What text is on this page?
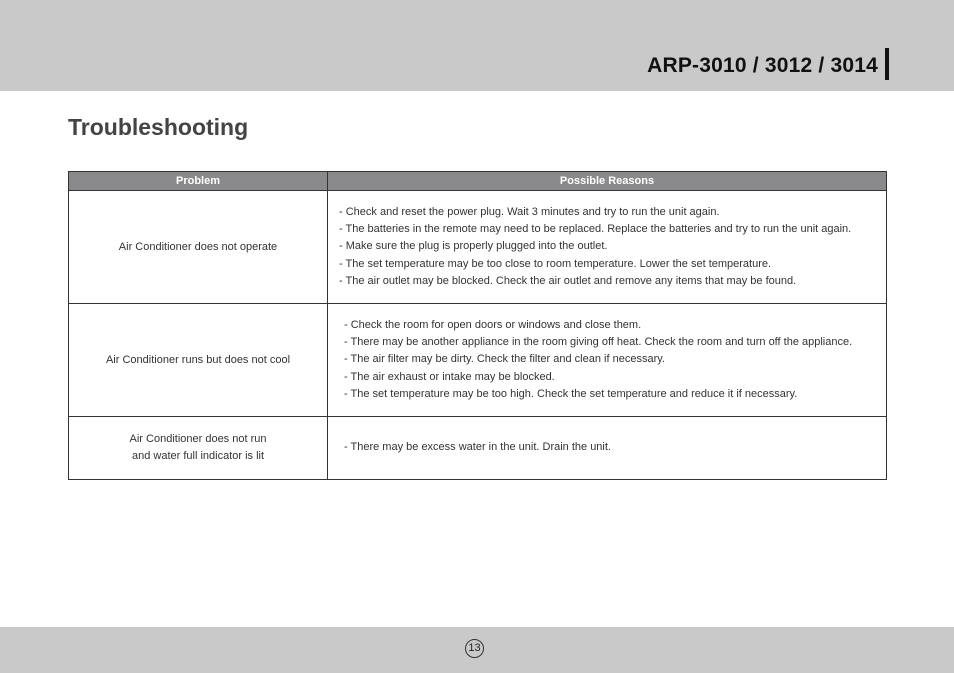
ARP-3010 / 3012 / 3014
Troubleshooting
Problem	Possible Reasons

Air Conditioner does not operate	- Check and reset the power plug. Wait 3 minutes and try to run the unit again.
- The batteries in the remote may need to be replaced. Replace the batteries and try to run the unit again.
- Make sure the plug is properly plugged into the outlet.
- The set temperature may be too close to room temperature. Lower the set temperature.
- The air outlet may be blocked. Check the air outlet and remove any items that may be found.

Air Conditioner runs but does not cool	- Check the room for open doors or windows and close them.
- There may be another appliance in the room giving off heat. Check the room and turn off the appliance.
- The air filter may be dirty. Check the filter and clean if necessary.
- The air exhaust or intake may be blocked.
- The set temperature may be too high. Check the set temperature and reduce it if necessary.

Air Conditioner does not run
and water full indicator is lit	- There may be excess water in the unit. Drain the unit.
13
